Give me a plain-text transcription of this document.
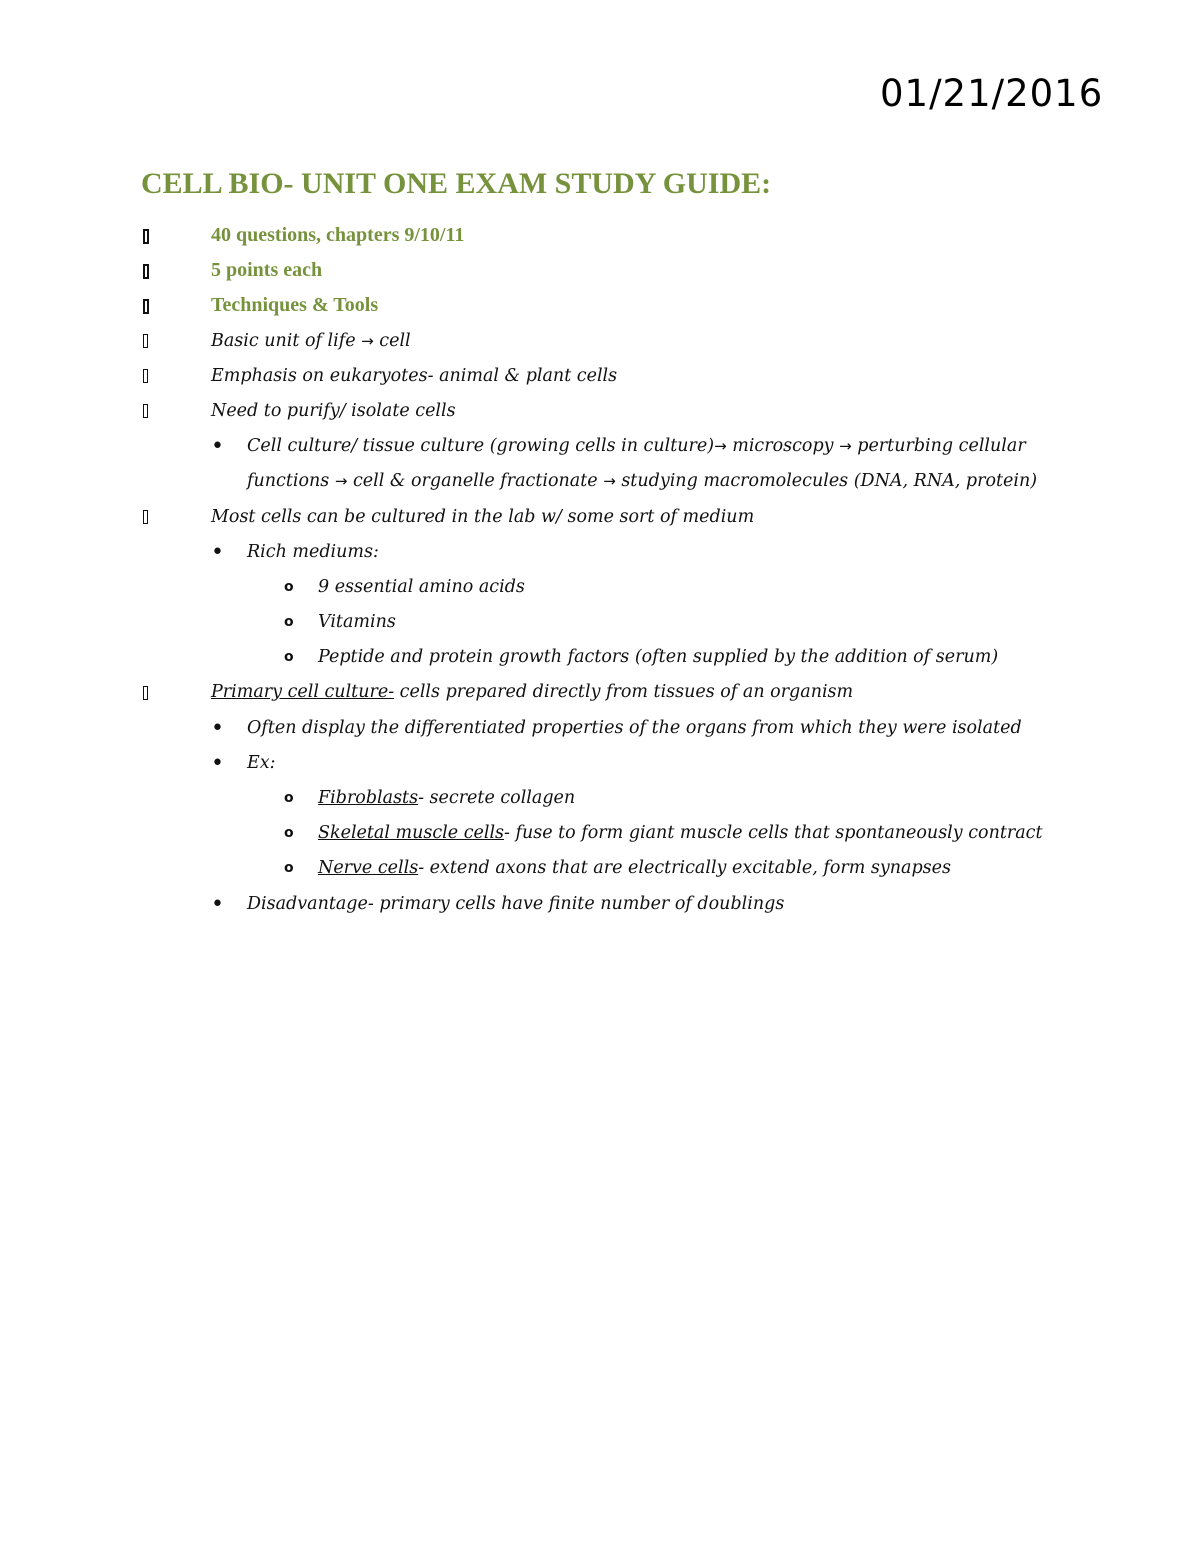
01/21/2016
CELL BIO- UNIT ONE EXAM STUDY GUIDE:
40 questions, chapters 9/10/11
5 points each
Techniques & Tools
Basic unit of life → cell
Emphasis on eukaryotes- animal & plant cells
Need to purify/ isolate cells
• Cell culture/ tissue culture (growing cells in culture)→ microscopy → perturbing cellular
functions → cell & organelle fractionate → studying macromolecules (DNA, RNA, protein)
Most cells can be cultured in the lab w/ some sort of medium
• Rich mediums:
o 9 essential amino acids
o Vitamins
o Peptide and protein growth factors (often supplied by the addition of serum)
Primary cell culture- cells prepared directly from tissues of an organism
• Often display the differentiated properties of the organs from which they were isolated
• Ex:
o Fibroblasts- secrete collagen
o Skeletal muscle cells- fuse to form giant muscle cells that spontaneously contract
o Nerve cells- extend axons that are electrically excitable, form synapses
• Disadvantage- primary cells have finite number of doublings
